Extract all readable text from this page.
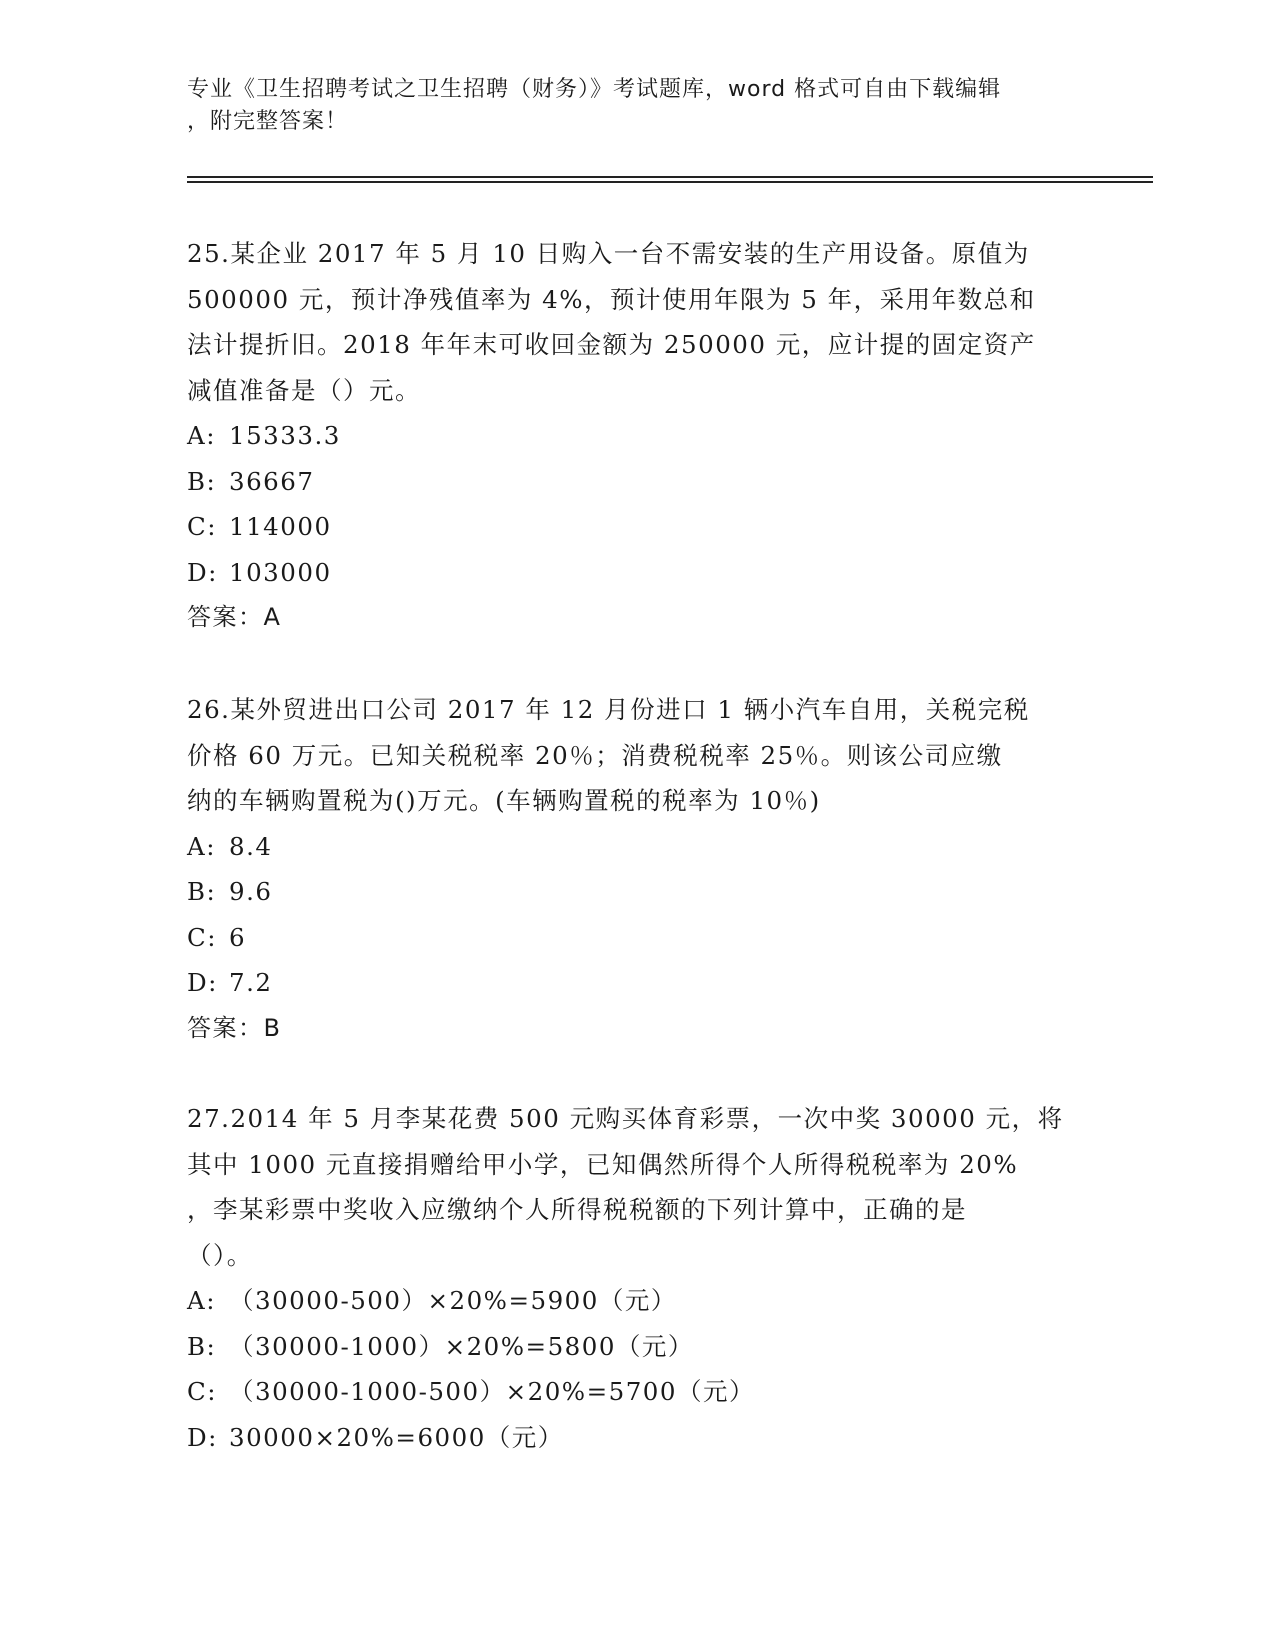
专业《卫生招聘考试之卫生招聘（财务）》考试题库，word 格式可自由下载编辑
，附完整答案！
25.某企业 2017 年 5 月 10 日购入一台不需安装的生产用设备。原值为
500000 元，预计净残值率为 4%，预计使用年限为 5 年，采用年数总和
法计提折旧。2018 年年末可收回金额为 250000 元，应计提的固定资产
减值准备是（）元。
A: 15333.3
B: 36667
C: 114000
D: 103000
答案：A
26.某外贸进出口公司 2017 年 12 月份进口 1 辆小汽车自用，关税完税
价格 60 万元。已知关税税率 20％；消费税税率 25％。则该公司应缴
纳的车辆购置税为()万元。(车辆购置税的税率为 10％)
A: 8.4
B: 9.6
C: 6
D: 7.2
答案：B
27.2014 年 5 月李某花费 500 元购买体育彩票，一次中奖 30000 元，将
其中 1000 元直接捐赠给甲小学，已知偶然所得个人所得税税率为 20%
，李某彩票中奖收入应缴纳个人所得税税额的下列计算中，正确的是
（）。
A: （30000-500）×20%=5900（元）
B: （30000-1000）×20%=5800（元）
C: （30000-1000-500）×20%=5700（元）
D: 30000×20%=6000（元）
